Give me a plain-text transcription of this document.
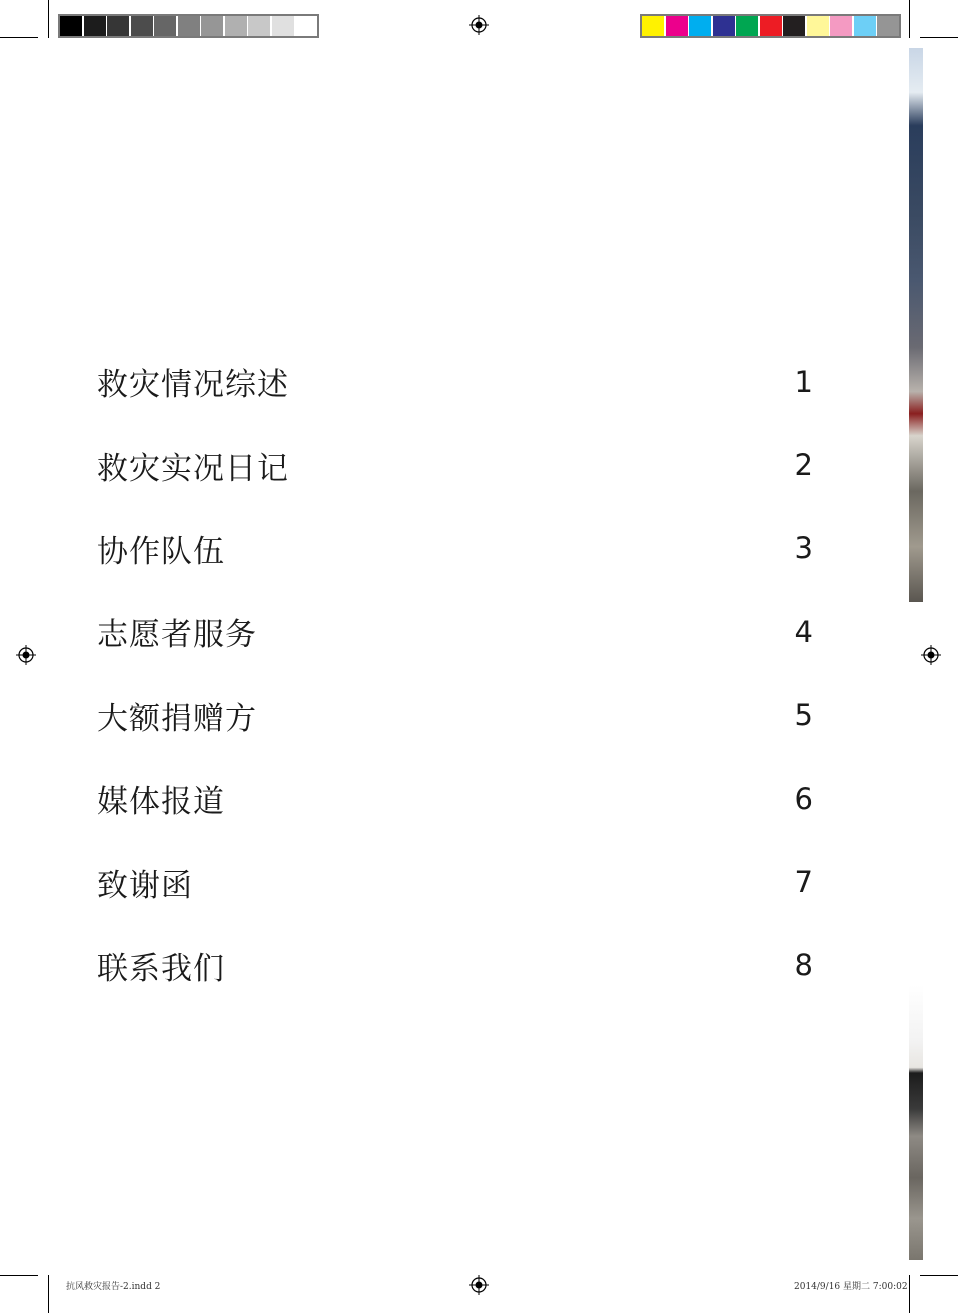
救灾情况综述	1
救灾实况日记	2
协作队伍	3
志愿者服务	4
大额捐赠方	5
媒体报道	6
致谢函	7
联系我们	8
抗风救灾报告-2.indd 2	2014/9/16 星期二 7:00:02
